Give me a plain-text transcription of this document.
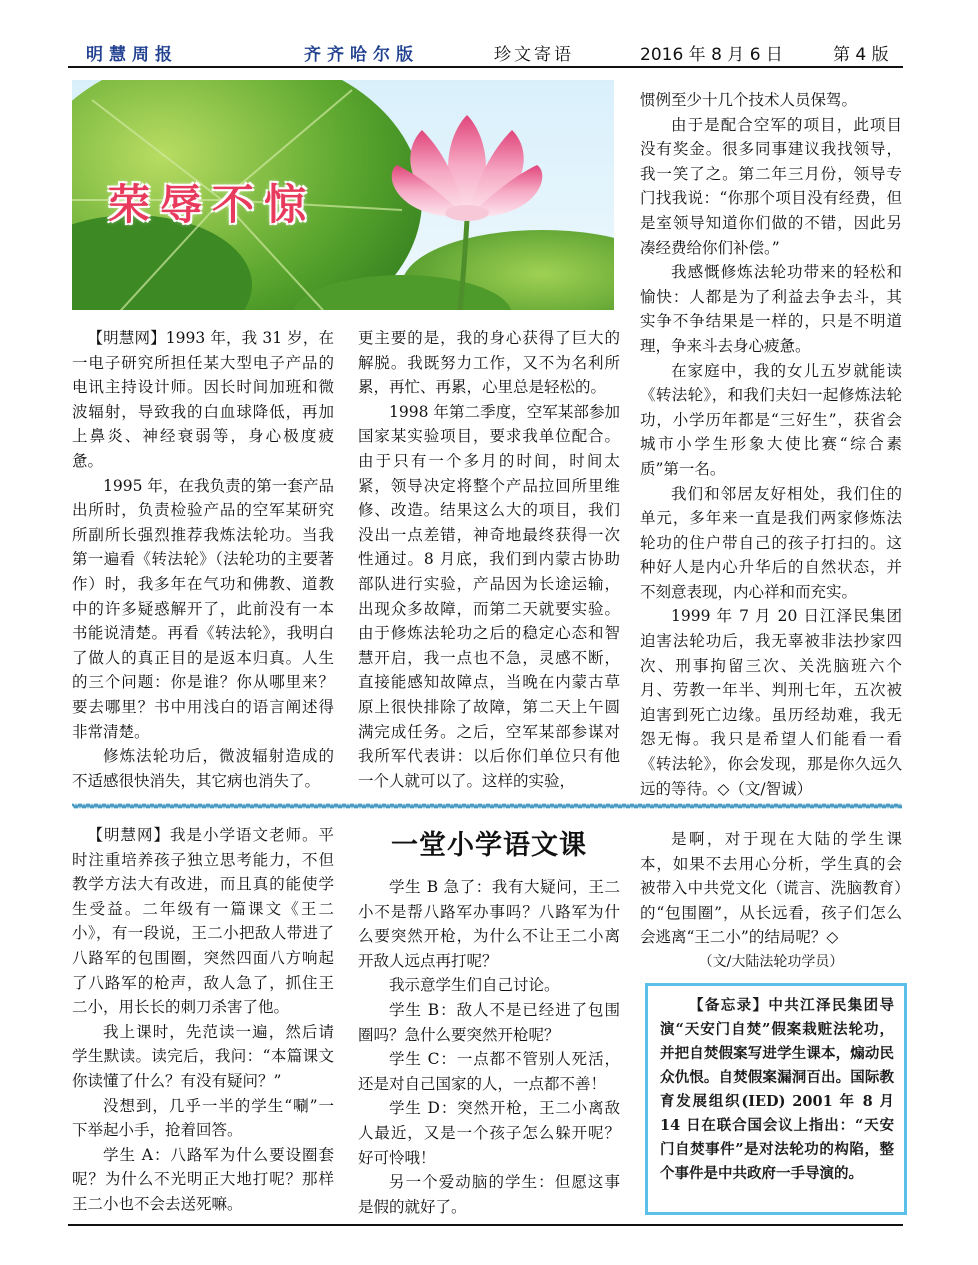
明慧周报	齐齐哈尔版	珍文寄语	2016 年 8 月 6 日	第 4 版
荣辱不惊

【明慧网】1993 年，我 31 岁，在一电子研究所担任某大型电子产品的电讯主持设计师。因长时间加班和微波辐射，导致我的白血球降低，再加上鼻炎、神经衰弱等，身心极度疲惫。

1995 年，在我负责的第一套产品出所时，负责检验产品的空军某研究所副所长强烈推荐我炼法轮功。当我第一遍看《转法轮》（法轮功的主要著作）时，我多年在气功和佛教、道教中的许多疑惑解开了，此前没有一本书能说清楚。再看《转法轮》，我明白了做人的真正目的是返本归真。人生的三个问题：你是谁？你从哪里来？要去哪里？书中用浅白的语言阐述得非常清楚。

修炼法轮功后，微波辐射造成的不适感很快消失，其它病也消失了。

更主要的是，我的身心获得了巨大的解脱。我既努力工作，又不为名利所累，再忙、再累，心里总是轻松的。

1998 年第二季度，空军某部参加国家某实验项目，要求我单位配合。由于只有一个多月的时间，时间太紧，领导决定将整个产品拉回所里维修、改造。结果这么大的项目，我们没出一点差错，神奇地最终获得一次性通过。8 月底，我们到内蒙古协助部队进行实验，产品因为长途运输，出现众多故障，而第二天就要实验。由于修炼法轮功之后的稳定心态和智慧开启，我一点也不急，灵感不断，直接能感知故障点，当晚在内蒙古草原上很快排除了故障，第二天上午圆满完成任务。之后，空军某部参谋对我所军代表讲：以后你们单位只有他一个人就可以了。这样的实验，

惯例至少十几个技术人员保驾。

由于是配合空军的项目，此项目没有奖金。很多同事建议我找领导，我一笑了之。第二年三月份，领导专门找我说：“你那个项目没有经费，但是室领导知道你们做的不错，因此另凑经费给你们补偿。”

我感慨修炼法轮功带来的轻松和愉快：人都是为了利益去争去斗，其实争不争结果是一样的，只是不明道理，争来斗去身心疲惫。

在家庭中，我的女儿五岁就能读《转法轮》，和我们夫妇一起修炼法轮功，小学历年都是“三好生”，获省会城市小学生形象大使比赛“综合素质”第一名。

我们和邻居友好相处，我们住的单元，多年来一直是我们两家修炼法轮功的住户带自己的孩子打扫的。这种好人是内心升华后的自然状态，并不刻意表现，内心祥和而充实。

1999 年 7 月 20 日江泽民集团迫害法轮功后，我无辜被非法抄家四次、刑事拘留三次、关洗脑班六个月、劳教一年半、判刑七年，五次被迫害到死亡边缘。虽历经劫难，我无怨无悔。我只是希望人们能看一看《转法轮》，你会发现，那是你久远久远的等待。◇（文/智诚）

【明慧网】我是小学语文老师。平时注重培养孩子独立思考能力，不但教学方法大有改进，而且真的能使学生受益。二年级有一篇课文《王二小》，有一段说，王二小把敌人带进了八路军的包围圈，突然四面八方响起了八路军的枪声，敌人急了，抓住王二小，用长长的刺刀杀害了他。

我上课时，先范读一遍，然后请学生默读。读完后，我问：“本篇课文你读懂了什么？有没有疑问？”

没想到，几乎一半的学生“唰”一下举起小手，抢着回答。

学生 A：八路军为什么要设圈套呢？为什么不光明正大地打呢？那样王二小也不会去送死嘛。

一堂小学语文课

学生 B 急了：我有大疑问，王二小不是帮八路军办事吗？八路军为什么要突然开枪，为什么不让王二小离开敌人远点再打呢？

我示意学生们自己讨论。

学生 B：敌人不是已经进了包围圈吗？急什么要突然开枪呢？

学生 C：一点都不管别人死活，还是对自己国家的人，一点都不善！

学生 D：突然开枪，王二小离敌人最近，又是一个孩子怎么躲开呢？好可怜哦！

另一个爱动脑的学生：但愿这事是假的就好了。

是啊，对于现在大陆的学生课本，如果不去用心分析，学生真的会被带入中共党文化（谎言、洗脑教育）的“包围圈”，从长远看，孩子们怎么会逃离“王二小”的结局呢？◇

（文/大陆法轮功学员）

【备忘录】中共江泽民集团导演“天安门自焚”假案栽赃法轮功，并把自焚假案写进学生课本，煽动民众仇恨。自焚假案漏洞百出。国际教育发展组织(IED) 2001 年 8 月 14 日在联合国会议上指出：“天安门自焚事件”是对法轮功的构陷，整个事件是中共政府一手导演的。
